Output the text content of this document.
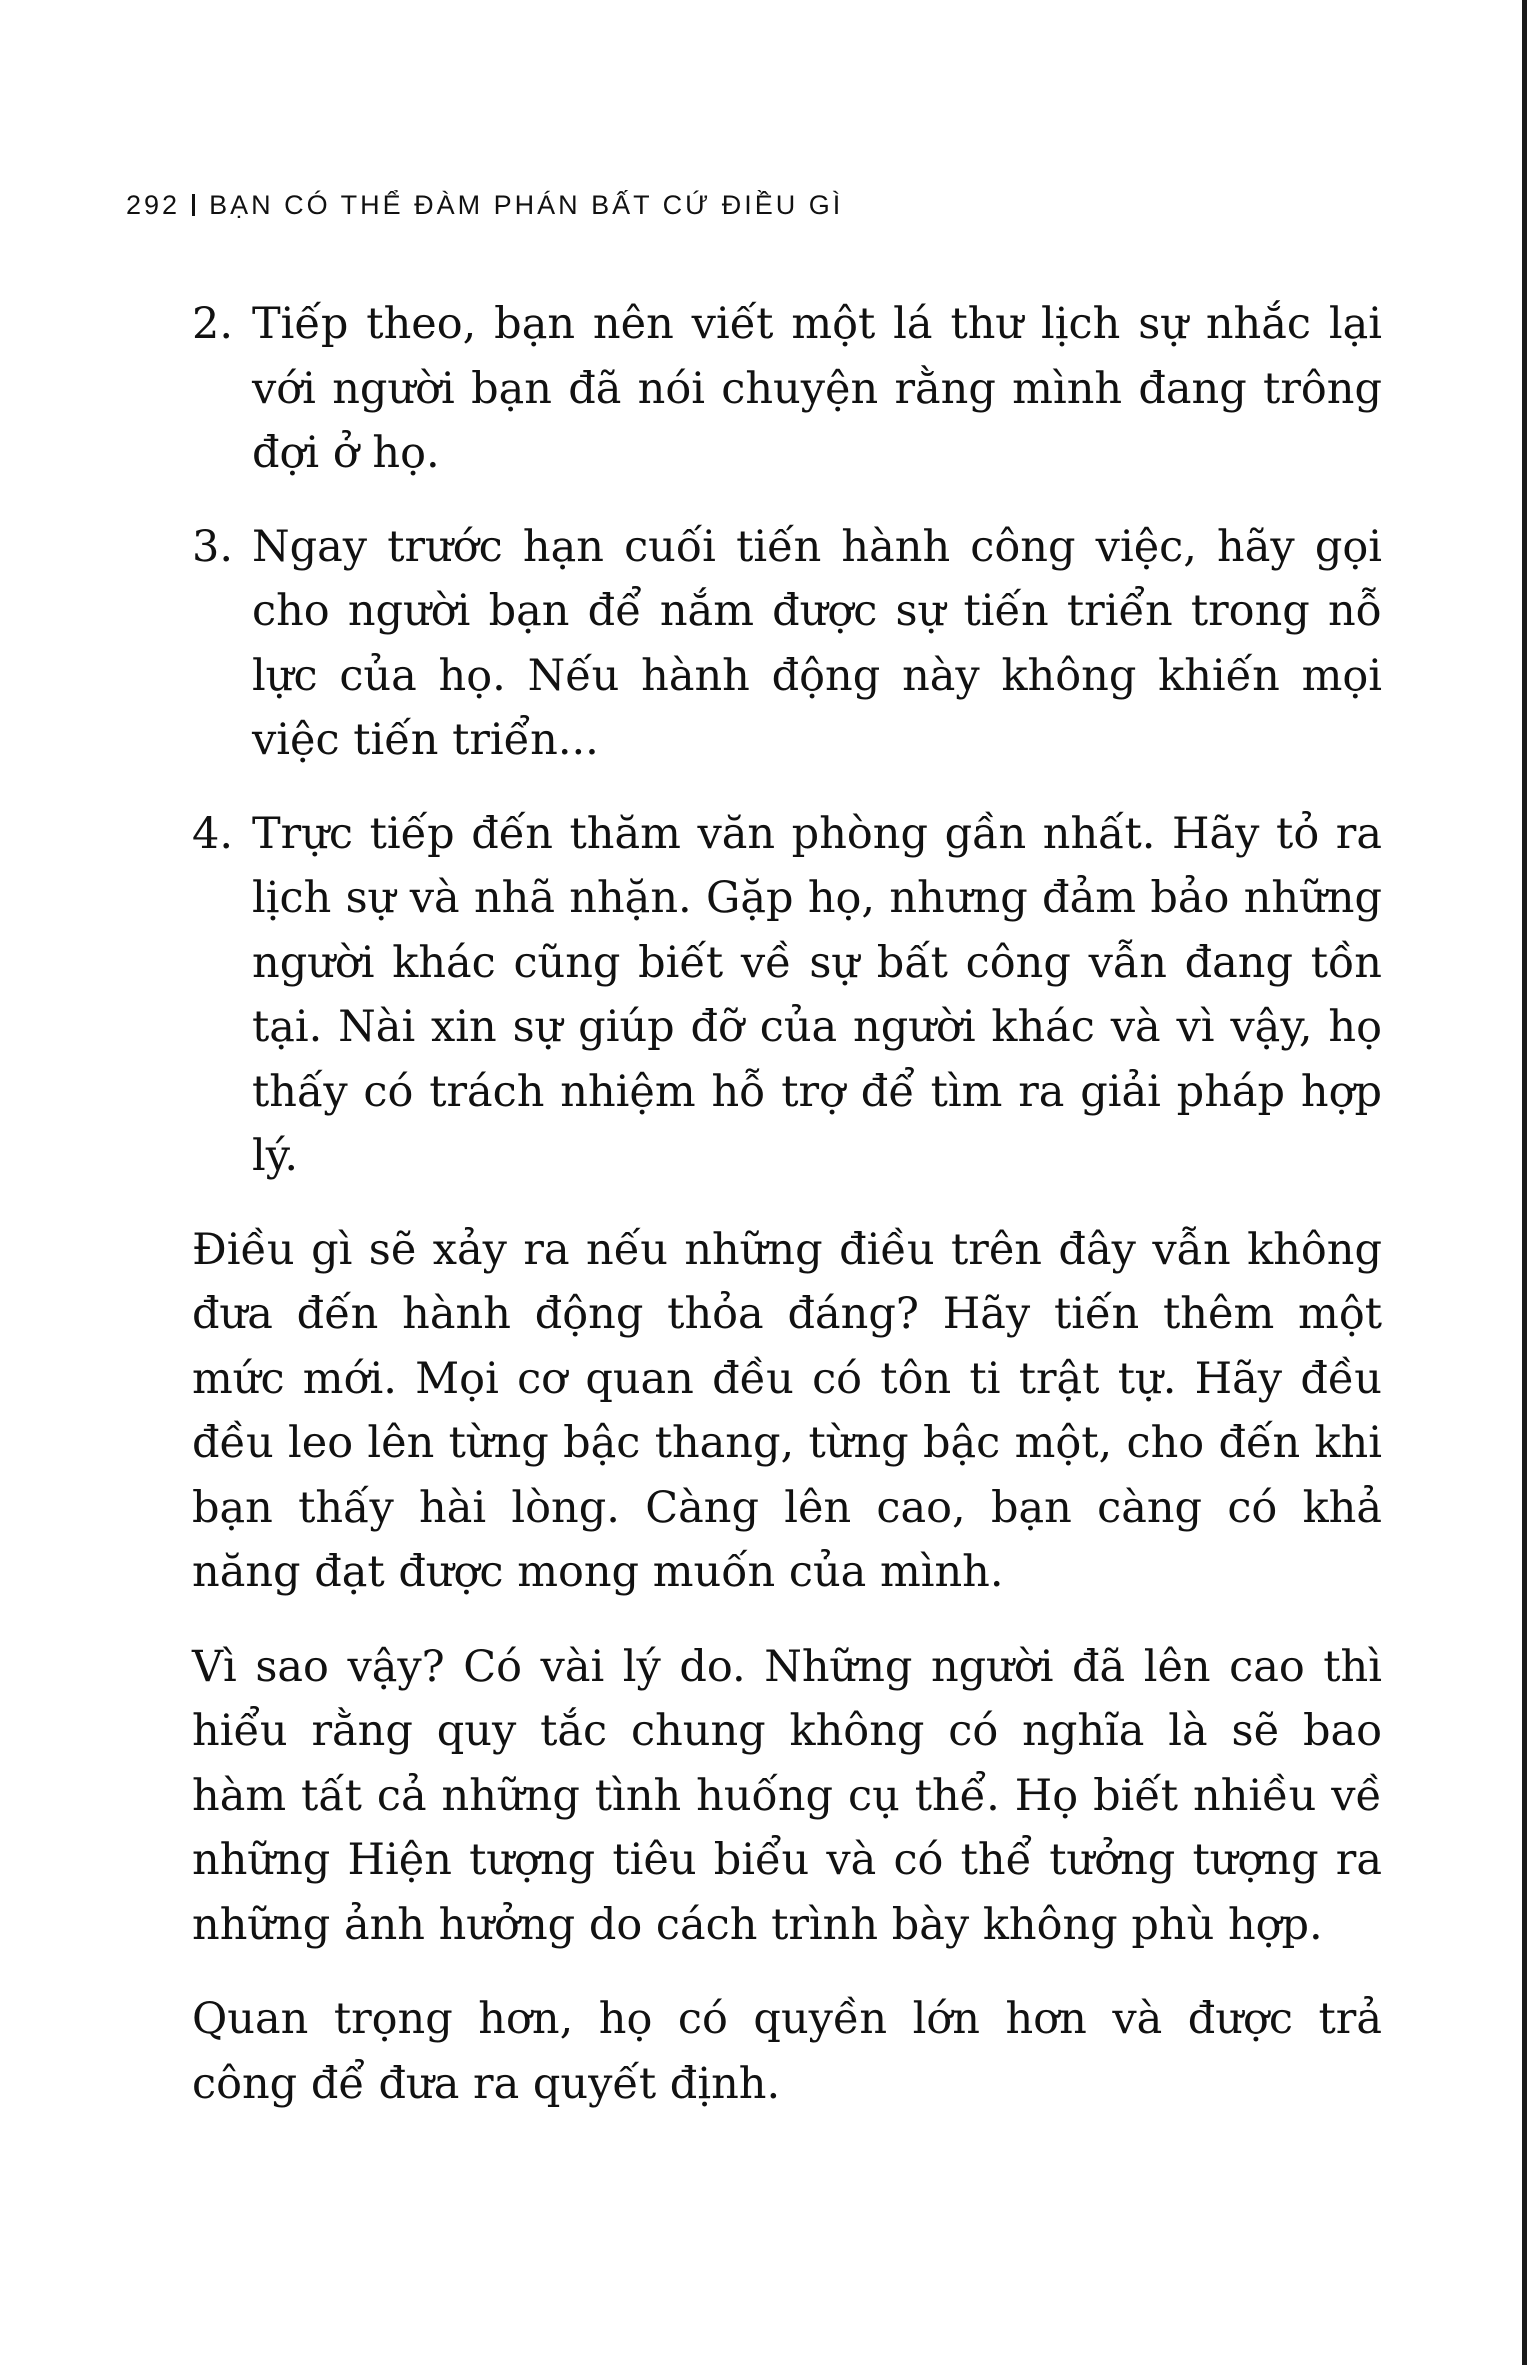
292 BẠN CÓ THỂ ĐÀM PHÁN BẤT CỨ ĐIỀU GÌ
2. Tiếp theo, bạn nên viết một lá thư lịch sự nhắc lại với người bạn đã nói chuyện rằng mình đang trông đợi ở họ.
3. Ngay trước hạn cuối tiến hành công việc, hãy gọi cho người bạn để nắm được sự tiến triển trong nỗ lực của họ. Nếu hành động này không khiến mọi việc tiến triển...
4. Trực tiếp đến thăm văn phòng gần nhất. Hãy tỏ ra lịch sự và nhã nhặn. Gặp họ, nhưng đảm bảo những người khác cũng biết về sự bất công vẫn đang tồn tại. Nài xin sự giúp đỡ của người khác và vì vậy, họ thấy có trách nhiệm hỗ trợ để tìm ra giải pháp hợp lý.

Điều gì sẽ xảy ra nếu những điều trên đây vẫn không đưa đến hành động thỏa đáng? Hãy tiến thêm một mức mới. Mọi cơ quan đều có tôn ti trật tự. Hãy đều đều leo lên từng bậc thang, từng bậc một, cho đến khi bạn thấy hài lòng. Càng lên cao, bạn càng có khả năng đạt được mong muốn của mình.

Vì sao vậy? Có vài lý do. Những người đã lên cao thì hiểu rằng quy tắc chung không có nghĩa là sẽ bao hàm tất cả những tình huống cụ thể. Họ biết nhiều về những Hiện tượng tiêu biểu và có thể tưởng tượng ra những ảnh hưởng do cách trình bày không phù hợp.

Quan trọng hơn, họ có quyền lớn hơn và được trả công để đưa ra quyết định.
